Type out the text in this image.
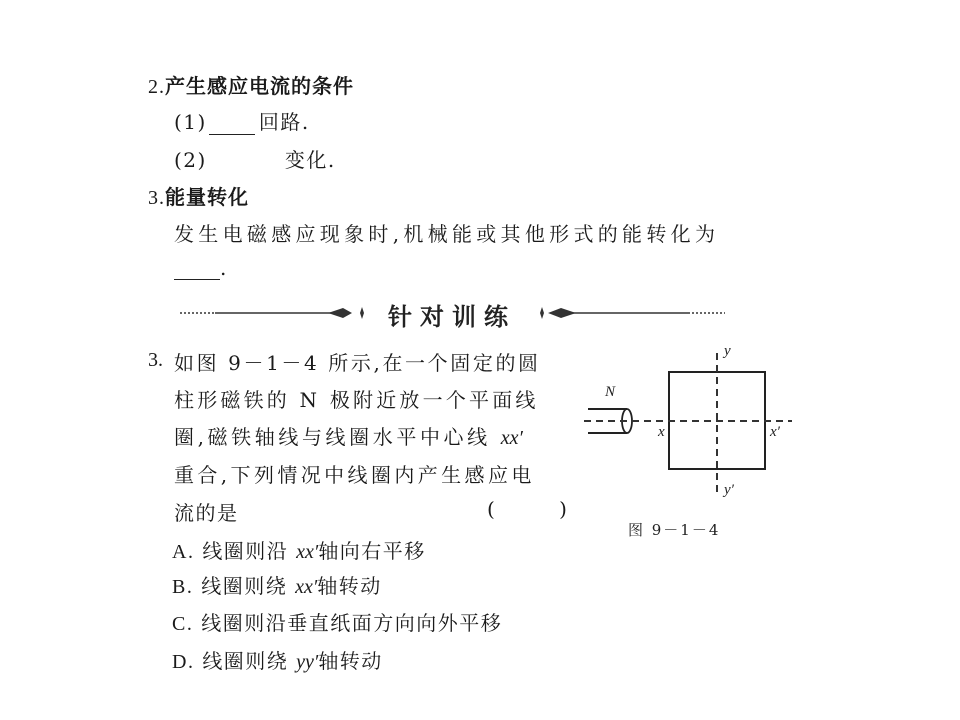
2.产生感应电流的条件
(1)	回路.
(2)	变化.
3.能量转化
发生电磁感应现象时,机械能或其他形式的能转化为
.
针对训练
3. 如图 9－1－4 所示,在一个固定的圆
柱形磁铁的 N 极附近放一个平面线
圈,磁铁轴线与线圈水平中心线 xx′
重合,下列情况中线圈内产生感应电
流的是	(        )
A. 线圈则沿 xx′轴向右平移
B. 线圈则绕 xx′轴转动
C. 线圈则沿垂直纸面方向向外平移
D. 线圈则绕 yy′轴转动
N
x	x′
y
y′
图 9－1－4
